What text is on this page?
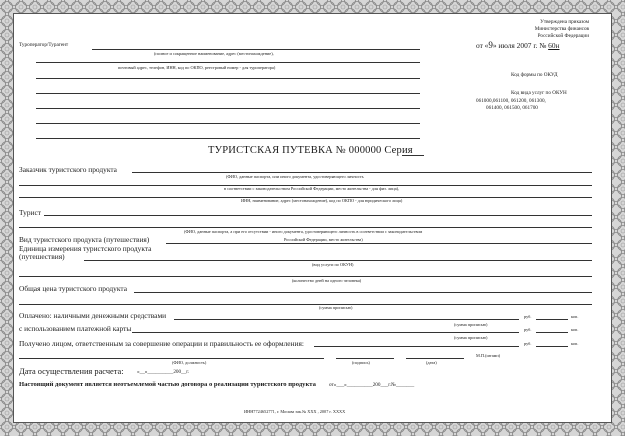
Утверждена приказом
Министерства финансов
Российской Федерации
от «9» июля 2007 г. № 60н
Код формы по ОКУД
Код вида услуг по ОКУН
061000,061100, 061200, 061300,
061400, 061500, 061700
Туроператор/Турагент
(полное и сокращенное наименование, адрес (местонахождение),
почтовый адрес, телефон, ИНН, код по ОКПО, реестровый номер - для туроператора)
ТУРИСТСКАЯ ПУТЕВКА № 000000 Серия
Заказчик туристского продукта
(ФИО, данные паспорта, или иного документа, удостоверяющего личность
в соответствии с законодательством Российской Федерации, место жительства - для физ. лица),
ИНН, наименование, адрес (местонахождение), код по ОКПО - для юридического лица)
Турист
(ФИО, данные паспорта, а при его отсутствии - иного документа, удостоверяющего личность в соответствии с законодательством
Российской Федерации, место жительства)
Вид туристского продукта (путешествия)
Единица измерения туристского продукта
(путешествия)
(вид услуги по ОКУН)
(количество дней на одного человека)
Общая цена туристского продукта
(сумма прописью)
Оплачено: наличными денежными средствами	руб.	коп.
(сумма прописью)
с использованием платежной карты	руб.	коп.
(сумма прописью)
Получено лицом, ответственным за совершение операции и правильность ее оформления:	руб.	коп.
(ФИО, должность)	(подпись)	(дата)
М.П.(штамп)
Дата осуществления расчета:	«__»__________200__г.
Настоящий документ является неотъемлемой частью договора о реализации туристского продукта	от«___»__________200___г.№_______
ИНН7724652771, г. Москва зак.№ XXX , 2007 г. XXXX
